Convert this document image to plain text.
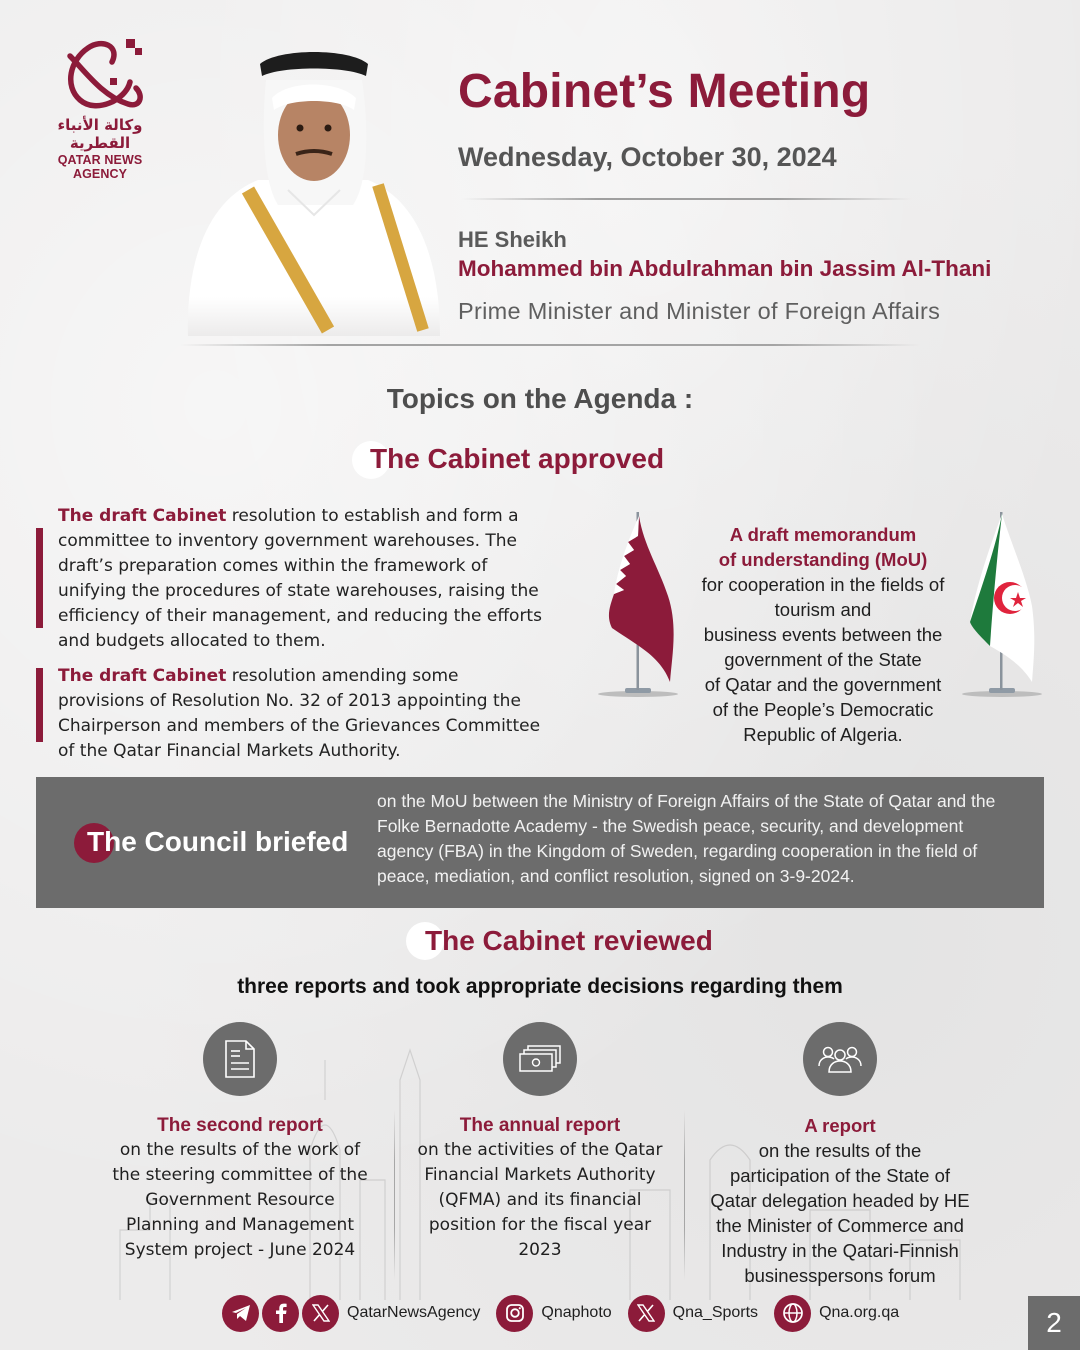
وكالة الأنباء القطرية
QATAR NEWS AGENCY
Cabinet’s Meeting
Wednesday, October 30, 2024
HE Sheikh
Mohammed bin Abdulrahman bin Jassim Al-Thani
Prime Minister and Minister of Foreign Affairs
Topics on the Agenda :
The Cabinet approved
The draft Cabinet resolution to establish and form a committee to inventory government warehouses. The draft’s preparation comes within the framework of unifying the procedures of state warehouses, raising the efficiency of their management, and reducing the efforts and budgets allocated to them.
The draft Cabinet resolution amending some provisions of Resolution No. 32 of 2013 appointing the Chairperson and members of the Grievances Committee of the Qatar Financial Markets Authority.
A draft memorandum
of understanding (MoU)
for cooperation in the fields of
tourism and
business events between the
government of the State
of Qatar and the government
of the People’s Democratic
Republic of Algeria.
The Council briefed
on the MoU between the Ministry of Foreign Affairs of the State of Qatar and the Folke Bernadotte Academy - the Swedish peace, security, and development agency (FBA) in the Kingdom of Sweden, regarding cooperation in the field of peace, mediation, and conflict resolution, signed on 3-9-2024.
The Cabinet reviewed
three reports and took appropriate decisions regarding them
The second report
on the results of the work of the steering committee of the Government Resource Planning and Management System project - June 2024
The annual report
on the activities of the Qatar Financial Markets Authority (QFMA) and its financial position for the fiscal year 2023
A report
on the results of the participation of the State of Qatar delegation headed by HE the Minister of Commerce and Industry in the Qatari-Finnish businesspersons forum
QatarNewsAgency	Qnaphoto	Qna_Sports	Qna.org.qa	2
